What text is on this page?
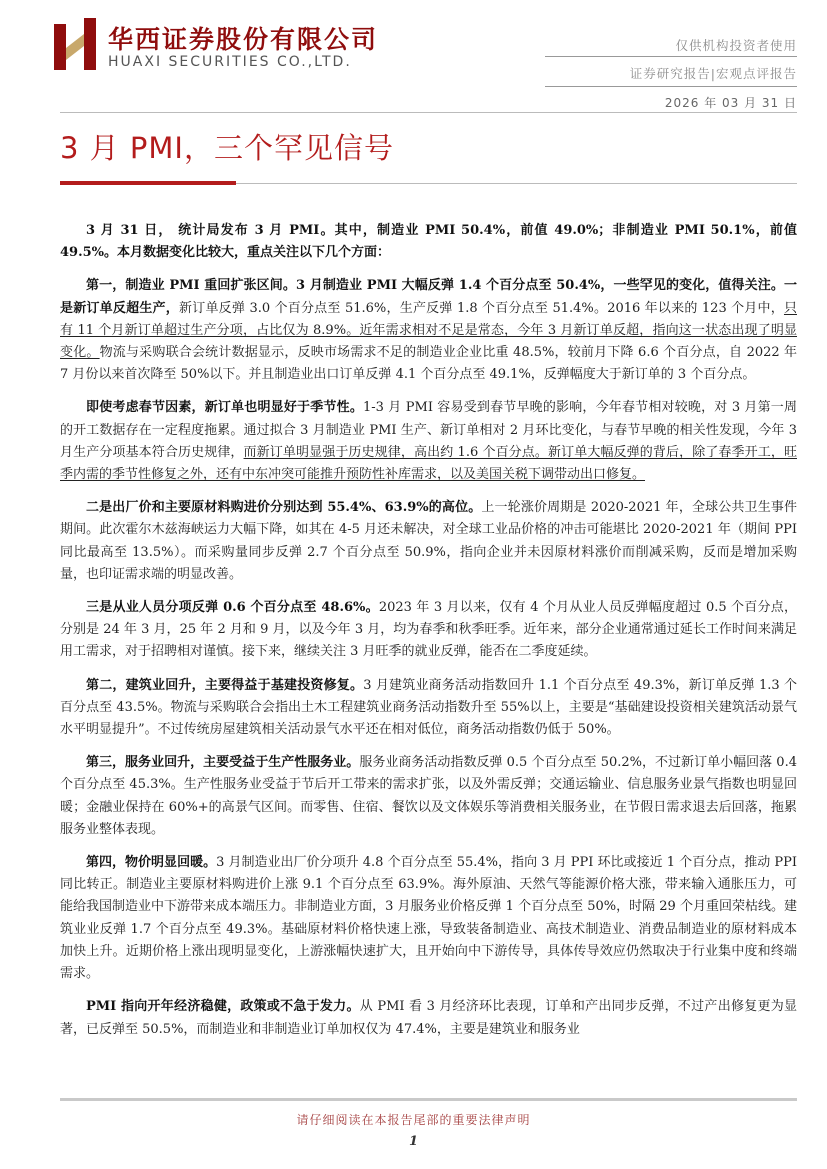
华西证券股份有限公司
HUAXI SECURITIES CO.,LTD.
仅供机构投资者使用
证券研究报告|宏观点评报告
2026 年 03 月 31 日
3 月 PMI，三个罕见信号

3 月 31 日， 统计局发布 3 月 PMI。其中，制造业 PMI 50.4%，前值 49.0%；非制造业 PMI 50.1%，前值 49.5%。本月数据变化比较大，重点关注以下几个方面：

第一，制造业 PMI 重回扩张区间。3 月制造业 PMI 大幅反弹 1.4 个百分点至 50.4%，一些罕见的变化，值得关注。一是新订单反超生产，新订单反弹 3.0 个百分点至 51.6%，生产反弹 1.8 个百分点至 51.4%。2016 年以来的 123 个月中，只有 11 个月新订单超过生产分项，占比仅为 8.9%。近年需求相对不足是常态，今年 3 月新订单反超，指向这一状态出现了明显变化。物流与采购联合会统计数据显示，反映市场需求不足的制造业企业比重 48.5%，较前月下降 6.6 个百分点，自 2022 年 7 月份以来首次降至 50%以下。并且制造业出口订单反弹 4.1 个百分点至 49.1%，反弹幅度大于新订单的 3 个百分点。

即使考虑春节因素，新订单也明显好于季节性。1-3 月 PMI 容易受到春节早晚的影响，今年春节相对较晚，对 3 月第一周的开工数据存在一定程度拖累。通过拟合 3 月制造业 PMI 生产、新订单相对 2 月环比变化，与春节早晚的相关性发现，今年 3 月生产分项基本符合历史规律，而新订单明显强于历史规律，高出约 1.6 个百分点。新订单大幅反弹的背后，除了春季开工，旺季内需的季节性修复之外，还有中东冲突可能推升预防性补库需求，以及美国关税下调带动出口修复。

二是出厂价和主要原材料购进价分别达到 55.4%、63.9%的高位。上一轮涨价周期是 2020-2021 年，全球公共卫生事件期间。此次霍尔木兹海峡运力大幅下降，如其在 4-5 月还未解决，对全球工业品价格的冲击可能堪比 2020-2021 年（期间 PPI 同比最高至 13.5%）。而采购量同步反弹 2.7 个百分点至 50.9%，指向企业并未因原材料涨价而削减采购，反而是增加采购量，也印证需求端的明显改善。

三是从业人员分项反弹 0.6 个百分点至 48.6%。2023 年 3 月以来，仅有 4 个月从业人员反弹幅度超过 0.5 个百分点，分别是 24 年 3 月，25 年 2 月和 9 月，以及今年 3 月，均为春季和秋季旺季。近年来，部分企业通常通过延长工作时间来满足用工需求，对于招聘相对谨慎。接下来，继续关注 3 月旺季的就业反弹，能否在二季度延续。

第二，建筑业回升，主要得益于基建投资修复。3 月建筑业商务活动指数回升 1.1 个百分点至 49.3%，新订单反弹 1.3 个百分点至 43.5%。物流与采购联合会指出土木工程建筑业商务活动指数升至 55%以上，主要是“基础建设投资相关建筑活动景气水平明显提升”。不过传统房屋建筑相关活动景气水平还在相对低位，商务活动指数仍低于 50%。

第三，服务业回升，主要受益于生产性服务业。服务业商务活动指数反弹 0.5 个百分点至 50.2%，不过新订单小幅回落 0.4 个百分点至 45.3%。生产性服务业受益于节后开工带来的需求扩张，以及外需反弹；交通运输业、信息服务业景气指数也明显回暖；金融业保持在 60%+的高景气区间。而零售、住宿、餐饮以及文体娱乐等消费相关服务业，在节假日需求退去后回落，拖累服务业整体表现。

第四，物价明显回暖。3 月制造业出厂价分项升 4.8 个百分点至 55.4%，指向 3 月 PPI 环比或接近 1 个百分点，推动 PPI 同比转正。制造业主要原材料购进价上涨 9.1 个百分点至 63.9%。海外原油、天然气等能源价格大涨，带来输入通胀压力，可能给我国制造业中下游带来成本端压力。非制造业方面，3 月服务业价格反弹 1 个百分点至 50%，时隔 29 个月重回荣枯线。建筑业业反弹 1.7 个百分点至 49.3%。基础原材料价格快速上涨，导致装备制造业、高技术制造业、消费品制造业的原材料成本加快上升。近期价格上涨出现明显变化，上游涨幅快速扩大，且开始向中下游传导，具体传导效应仍然取决于行业集中度和终端需求。

PMI 指向开年经济稳健，政策或不急于发力。从 PMI 看 3 月经济环比表现，订单和产出同步反弹，不过产出修复更为显著，已反弹至 50.5%，而制造业和非制造业订单加权仅为 47.4%，主要是建筑业和服务业

请仔细阅读在本报告尾部的重要法律声明
1
